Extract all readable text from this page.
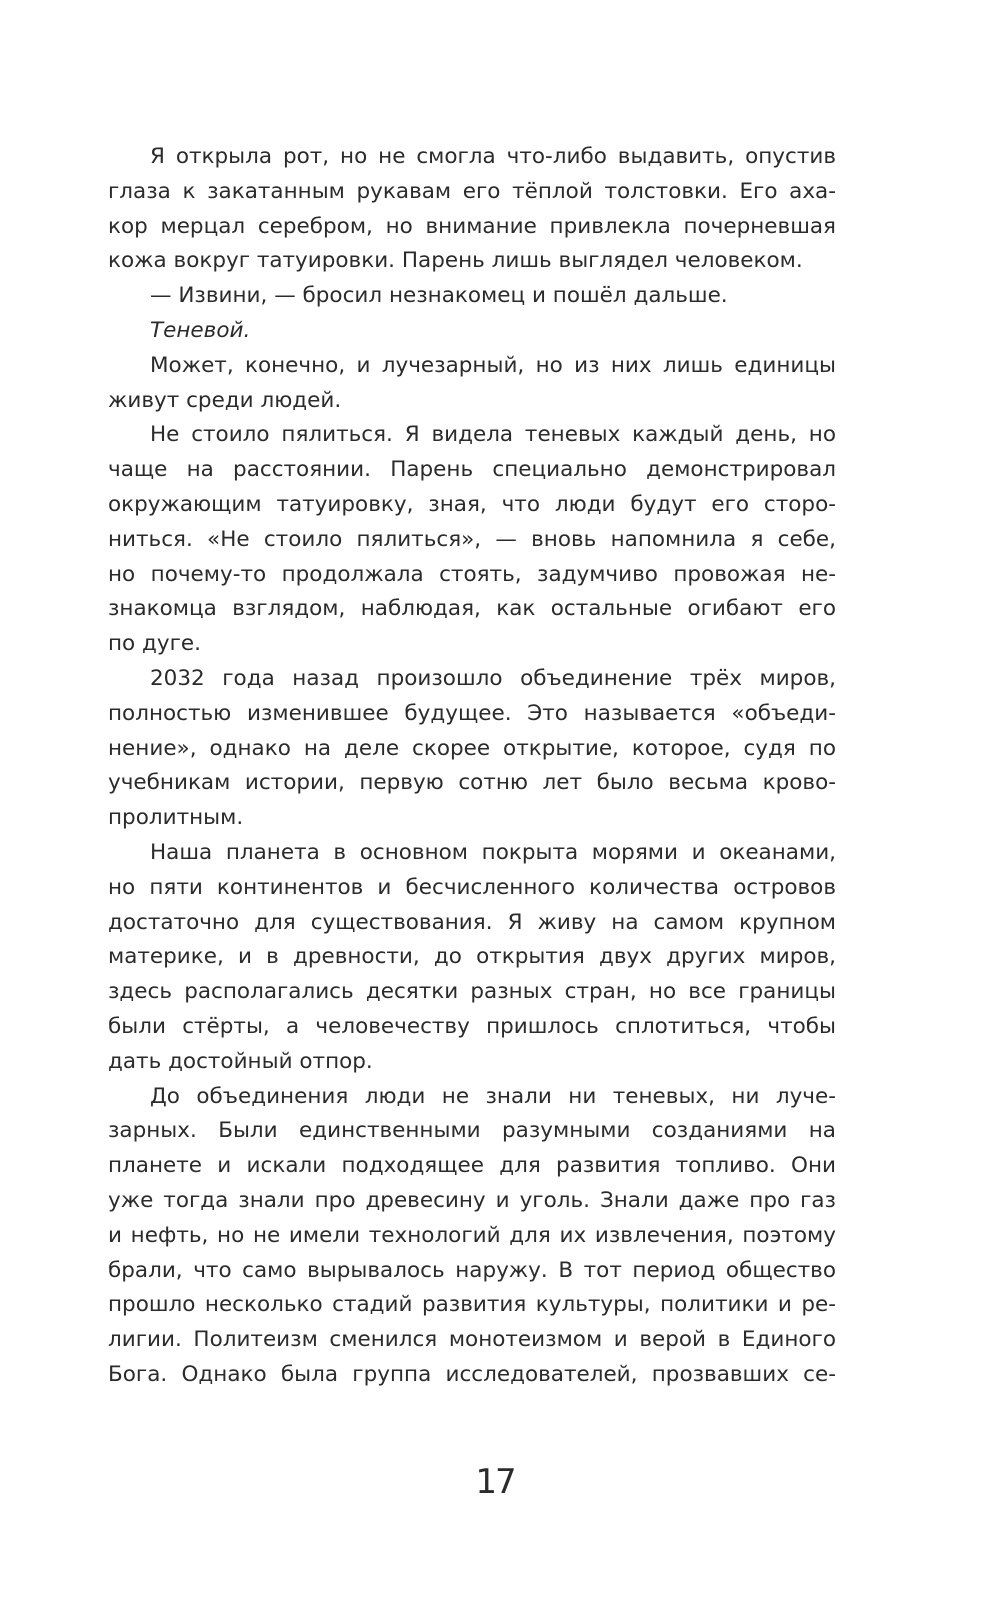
Я открыла рот, но не смогла что-либо выдавить, опустив
глаза к закатанным рукавам его тёплой толстовки. Его аха-
кор мерцал серебром, но внимание привлекла почерневшая
кожа вокруг татуировки. Парень лишь выглядел человеком.
— Извини, — бросил незнакомец и пошёл дальше.
Теневой.
Может, конечно, и лучезарный, но из них лишь единицы
живут среди людей.
Не стоило пялиться. Я видела теневых каждый день, но
чаще на расстоянии. Парень специально демонстрировал
окружающим татуировку, зная, что люди будут его сторо-
ниться. «Не стоило пялиться», — вновь напомнила я себе,
но почему-то продолжала стоять, задумчиво провожая не-
знакомца взглядом, наблюдая, как остальные огибают его
по дуге.
2032 года назад произошло объединение трёх миров,
полностью изменившее будущее. Это называется «объеди-
нение», однако на деле скорее открытие, которое, судя по
учебникам истории, первую сотню лет было весьма крово-
пролитным.
Наша планета в основном покрыта морями и океанами,
но пяти континентов и бесчисленного количества островов
достаточно для существования. Я живу на самом крупном
материке, и в древности, до открытия двух других миров,
здесь располагались десятки разных стран, но все границы
были стёрты, а человечеству пришлось сплотиться, чтобы
дать достойный отпор.
До объединения люди не знали ни теневых, ни луче-
зарных. Были единственными разумными созданиями на
планете и искали подходящее для развития топливо. Они
уже тогда знали про древесину и уголь. Знали даже про газ
и нефть, но не имели технологий для их извлечения, поэтому
брали, что само вырывалось наружу. В тот период общество
прошло несколько стадий развития культуры, политики и ре-
лигии. Политеизм сменился монотеизмом и верой в Единого
Бога. Однако была группа исследователей, прозвавших се-
17
